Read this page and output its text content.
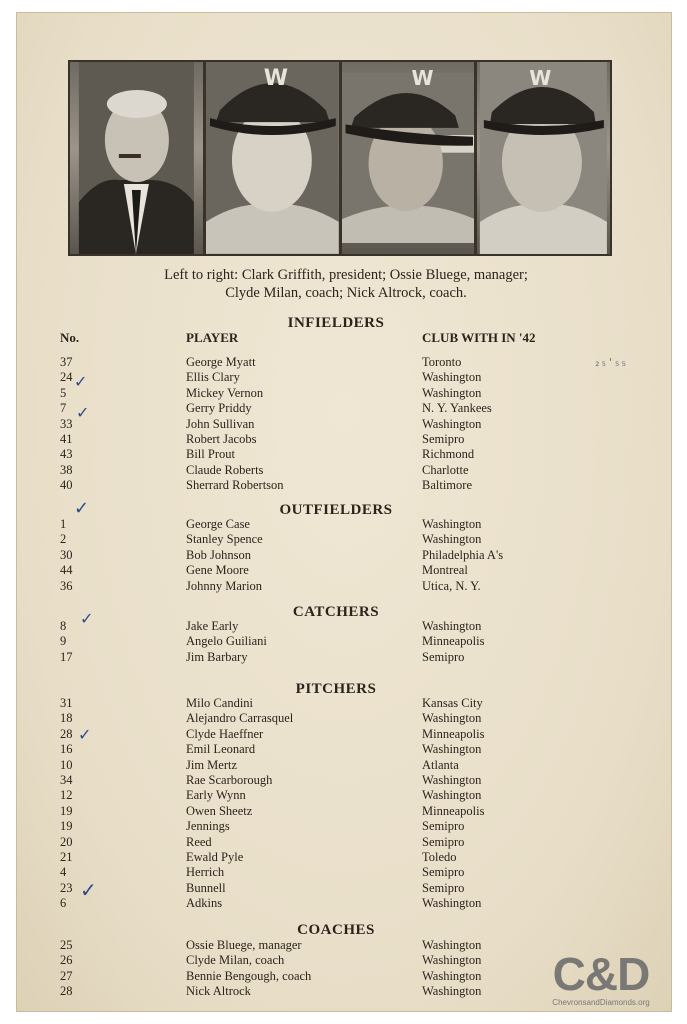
W	W	W
Left to right: Clark Griffith, president; Ossie Bluege, manager;
Clyde Milan, coach; Nick Altrock, coach.
INFIELDERS
No.	PLAYER	CLUB WITH IN '42
₂₅'₅₅
37	George Myatt	Toronto
24	Ellis Clary	Washington
5	Mickey Vernon	Washington
7	Gerry Priddy	N. Y. Yankees
33	John Sullivan	Washington
41	Robert Jacobs	Semipro
43	Bill Prout	Richmond
38	Claude Roberts	Charlotte
40	Sherrard Robertson	Baltimore
OUTFIELDERS
1	George Case	Washington
2	Stanley Spence	Washington
30	Bob Johnson	Philadelphia A's
44	Gene Moore	Montreal
36	Johnny Marion	Utica, N. Y.
CATCHERS
8	Jake Early	Washington
9	Angelo Guiliani	Minneapolis
17	Jim Barbary	Semipro
PITCHERS
31	Milo Candini	Kansas City
18	Alejandro Carrasquel	Washington
28	Clyde Haeffner	Minneapolis
16	Emil Leonard	Washington
10	Jim Mertz	Atlanta
34	Rae Scarborough	Washington
12	Early Wynn	Washington
19	Owen Sheetz	Minneapolis
19	Jennings	Semipro
20	Reed	Semipro
21	Ewald Pyle	Toledo
4	Herrich	Semipro
23	Bunnell	Semipro
6	Adkins	Washington
COACHES
25	Ossie Bluege, manager	Washington
26	Clyde Milan, coach	Washington
27	Bennie Bengough, coach	Washington
28	Nick Altrock	Washington
✓
✓
✓
✓
✓
✓
C&D
ChevronsandDiamonds.org
